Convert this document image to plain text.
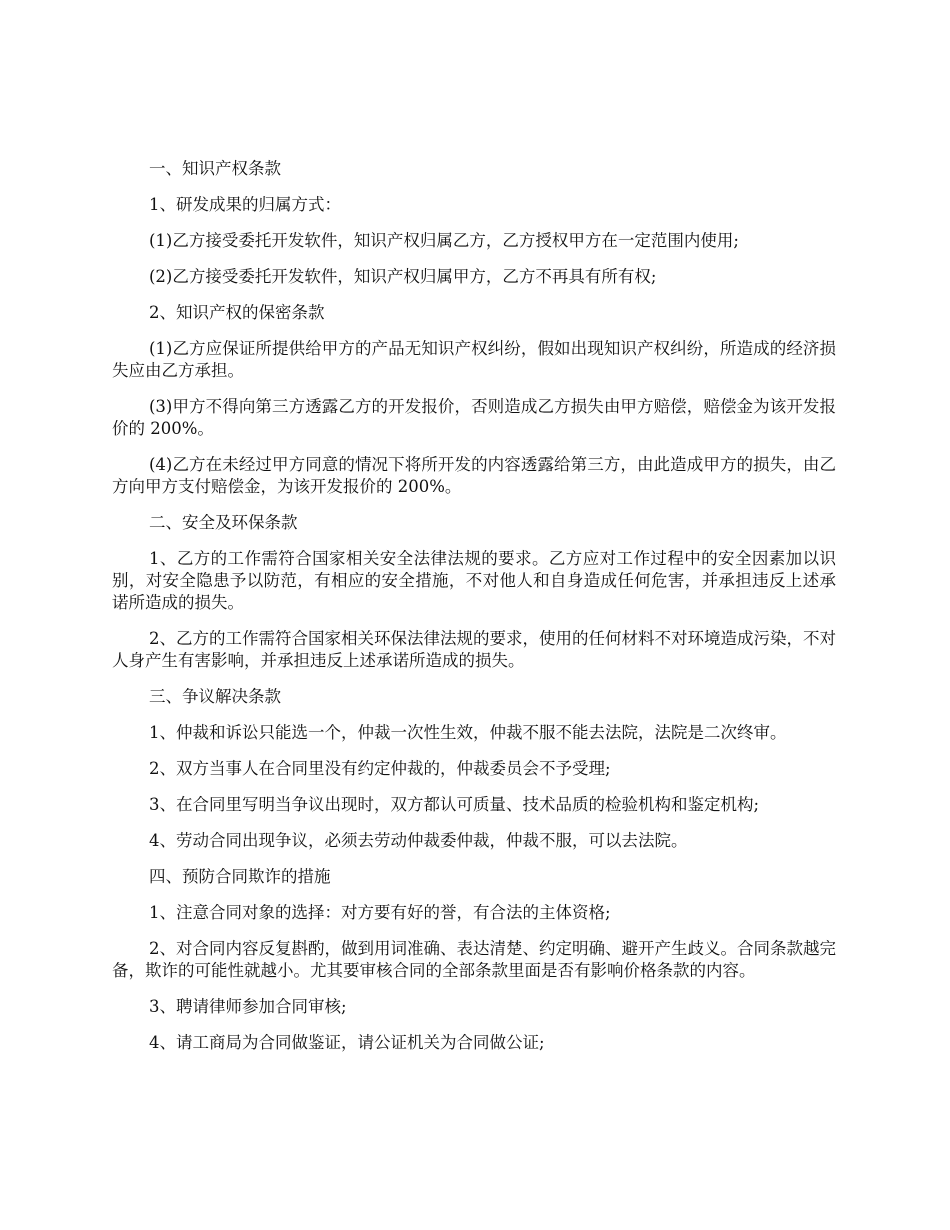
一、知识产权条款

1、研发成果的归属方式：

(1)乙方接受委托开发软件，知识产权归属乙方，乙方授权甲方在一定范围内使用;

(2)乙方接受委托开发软件，知识产权归属甲方，乙方不再具有所有权;

2、知识产权的保密条款

(1)乙方应保证所提供给甲方的产品无知识产权纠纷，假如出现知识产权纠纷，所造成的经济损失应由乙方承担。

(3)甲方不得向第三方透露乙方的开发报价，否则造成乙方损失由甲方赔偿，赔偿金为该开发报价的 200%。

(4)乙方在未经过甲方同意的情况下将所开发的内容透露给第三方，由此造成甲方的损失，由乙方向甲方支付赔偿金，为该开发报价的 200%。

二、安全及环保条款

1、乙方的工作需符合国家相关安全法律法规的要求。乙方应对工作过程中的安全因素加以识别，对安全隐患予以防范，有相应的安全措施，不对他人和自身造成任何危害，并承担违反上述承诺所造成的损失。

2、乙方的工作需符合国家相关环保法律法规的要求，使用的任何材料不对环境造成污染，不对人身产生有害影响，并承担违反上述承诺所造成的损失。

三、争议解决条款

1、仲裁和诉讼只能选一个，仲裁一次性生效，仲裁不服不能去法院，法院是二次终审。

2、双方当事人在合同里没有约定仲裁的，仲裁委员会不予受理;

3、在合同里写明当争议出现时，双方都认可质量、技术品质的检验机构和鉴定机构;

4、劳动合同出现争议，必须去劳动仲裁委仲裁，仲裁不服，可以去法院。

四、预防合同欺诈的措施

1、注意合同对象的选择：对方要有好的誉，有合法的主体资格;

2、对合同内容反复斟酌，做到用词准确、表达清楚、约定明确、避开产生歧义。合同条款越完备，欺诈的可能性就越小。尤其要审核合同的全部条款里面是否有影响价格条款的内容。

3、聘请律师参加合同审核;

4、请工商局为合同做鉴证，请公证机关为合同做公证;
